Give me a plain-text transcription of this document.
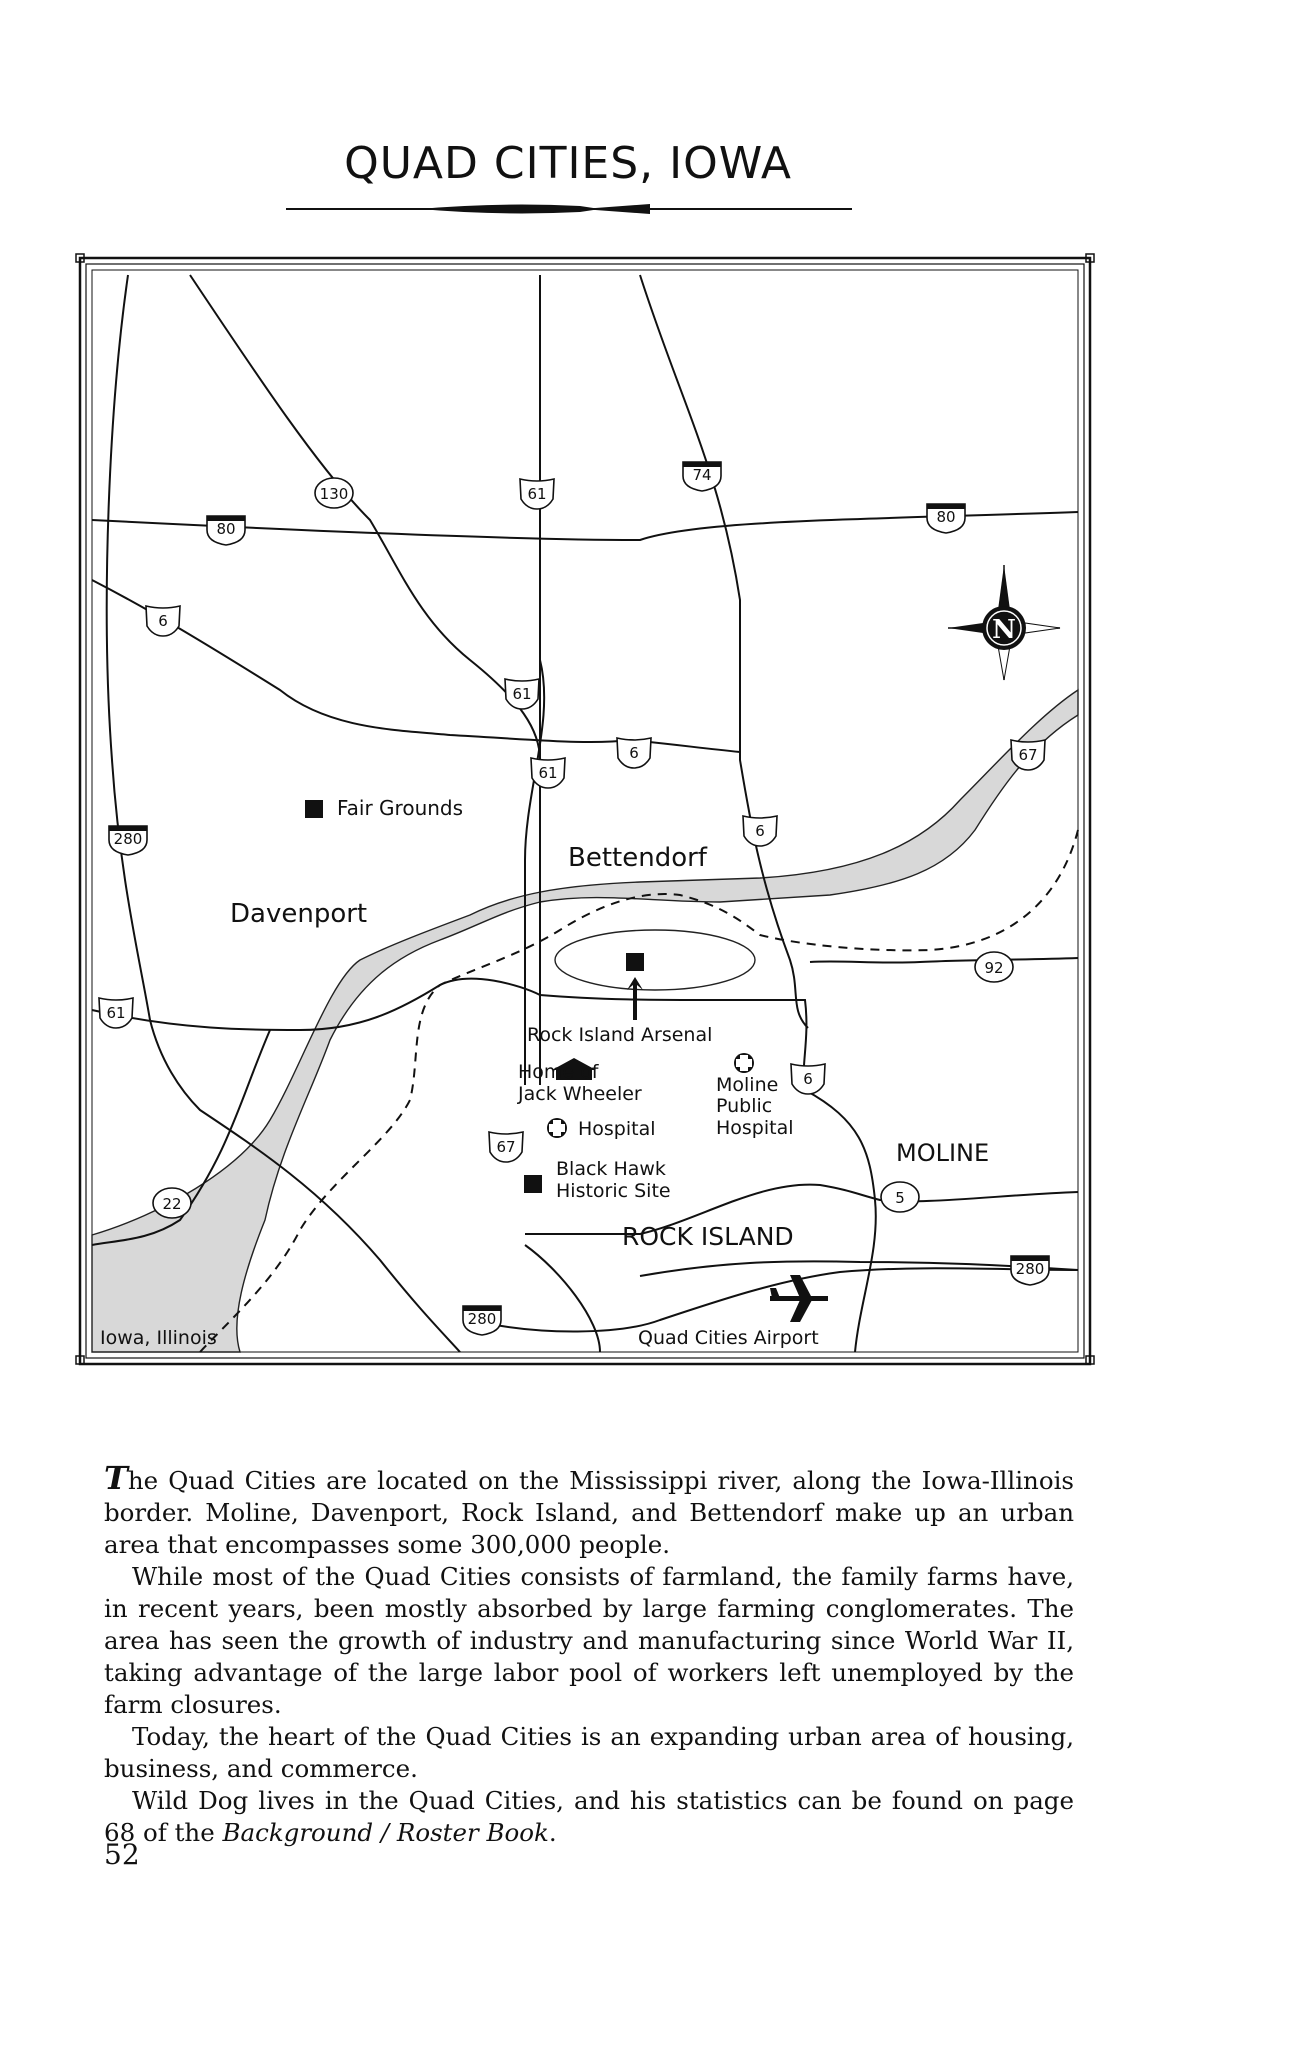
QUAD CITIES, IOWA
N
Davenport
Bettendorf
MOLINE
ROCK ISLAND
Fair Grounds
Rock Island Arsenal
Home of
Jack Wheeler
Hospital
Moline
Public
Hospital
Black Hawk
Historic Site
Quad Cities Airport
Iowa, Illinois
80
130	61
74
80
6
61
6
61
67
280	6
92
61
6
67
22	5
280
280

The Quad Cities are located on the Mississippi river, along the Iowa-Illinois border. Moline, Davenport, Rock Island, and Bettendorf make up an urban area that encompasses some 300,000 people.

While most of the Quad Cities consists of farmland, the family farms have, in recent years, been mostly absorbed by large farming conglomerates. The area has seen the growth of industry and manufacturing since World War II, taking advantage of the large labor pool of workers left unemployed by the farm closures.

Today, the heart of the Quad Cities is an expanding urban area of housing, business, and commerce.

Wild Dog lives in the Quad Cities, and his statistics can be found on page 68 of the Background / Roster Book.

52
